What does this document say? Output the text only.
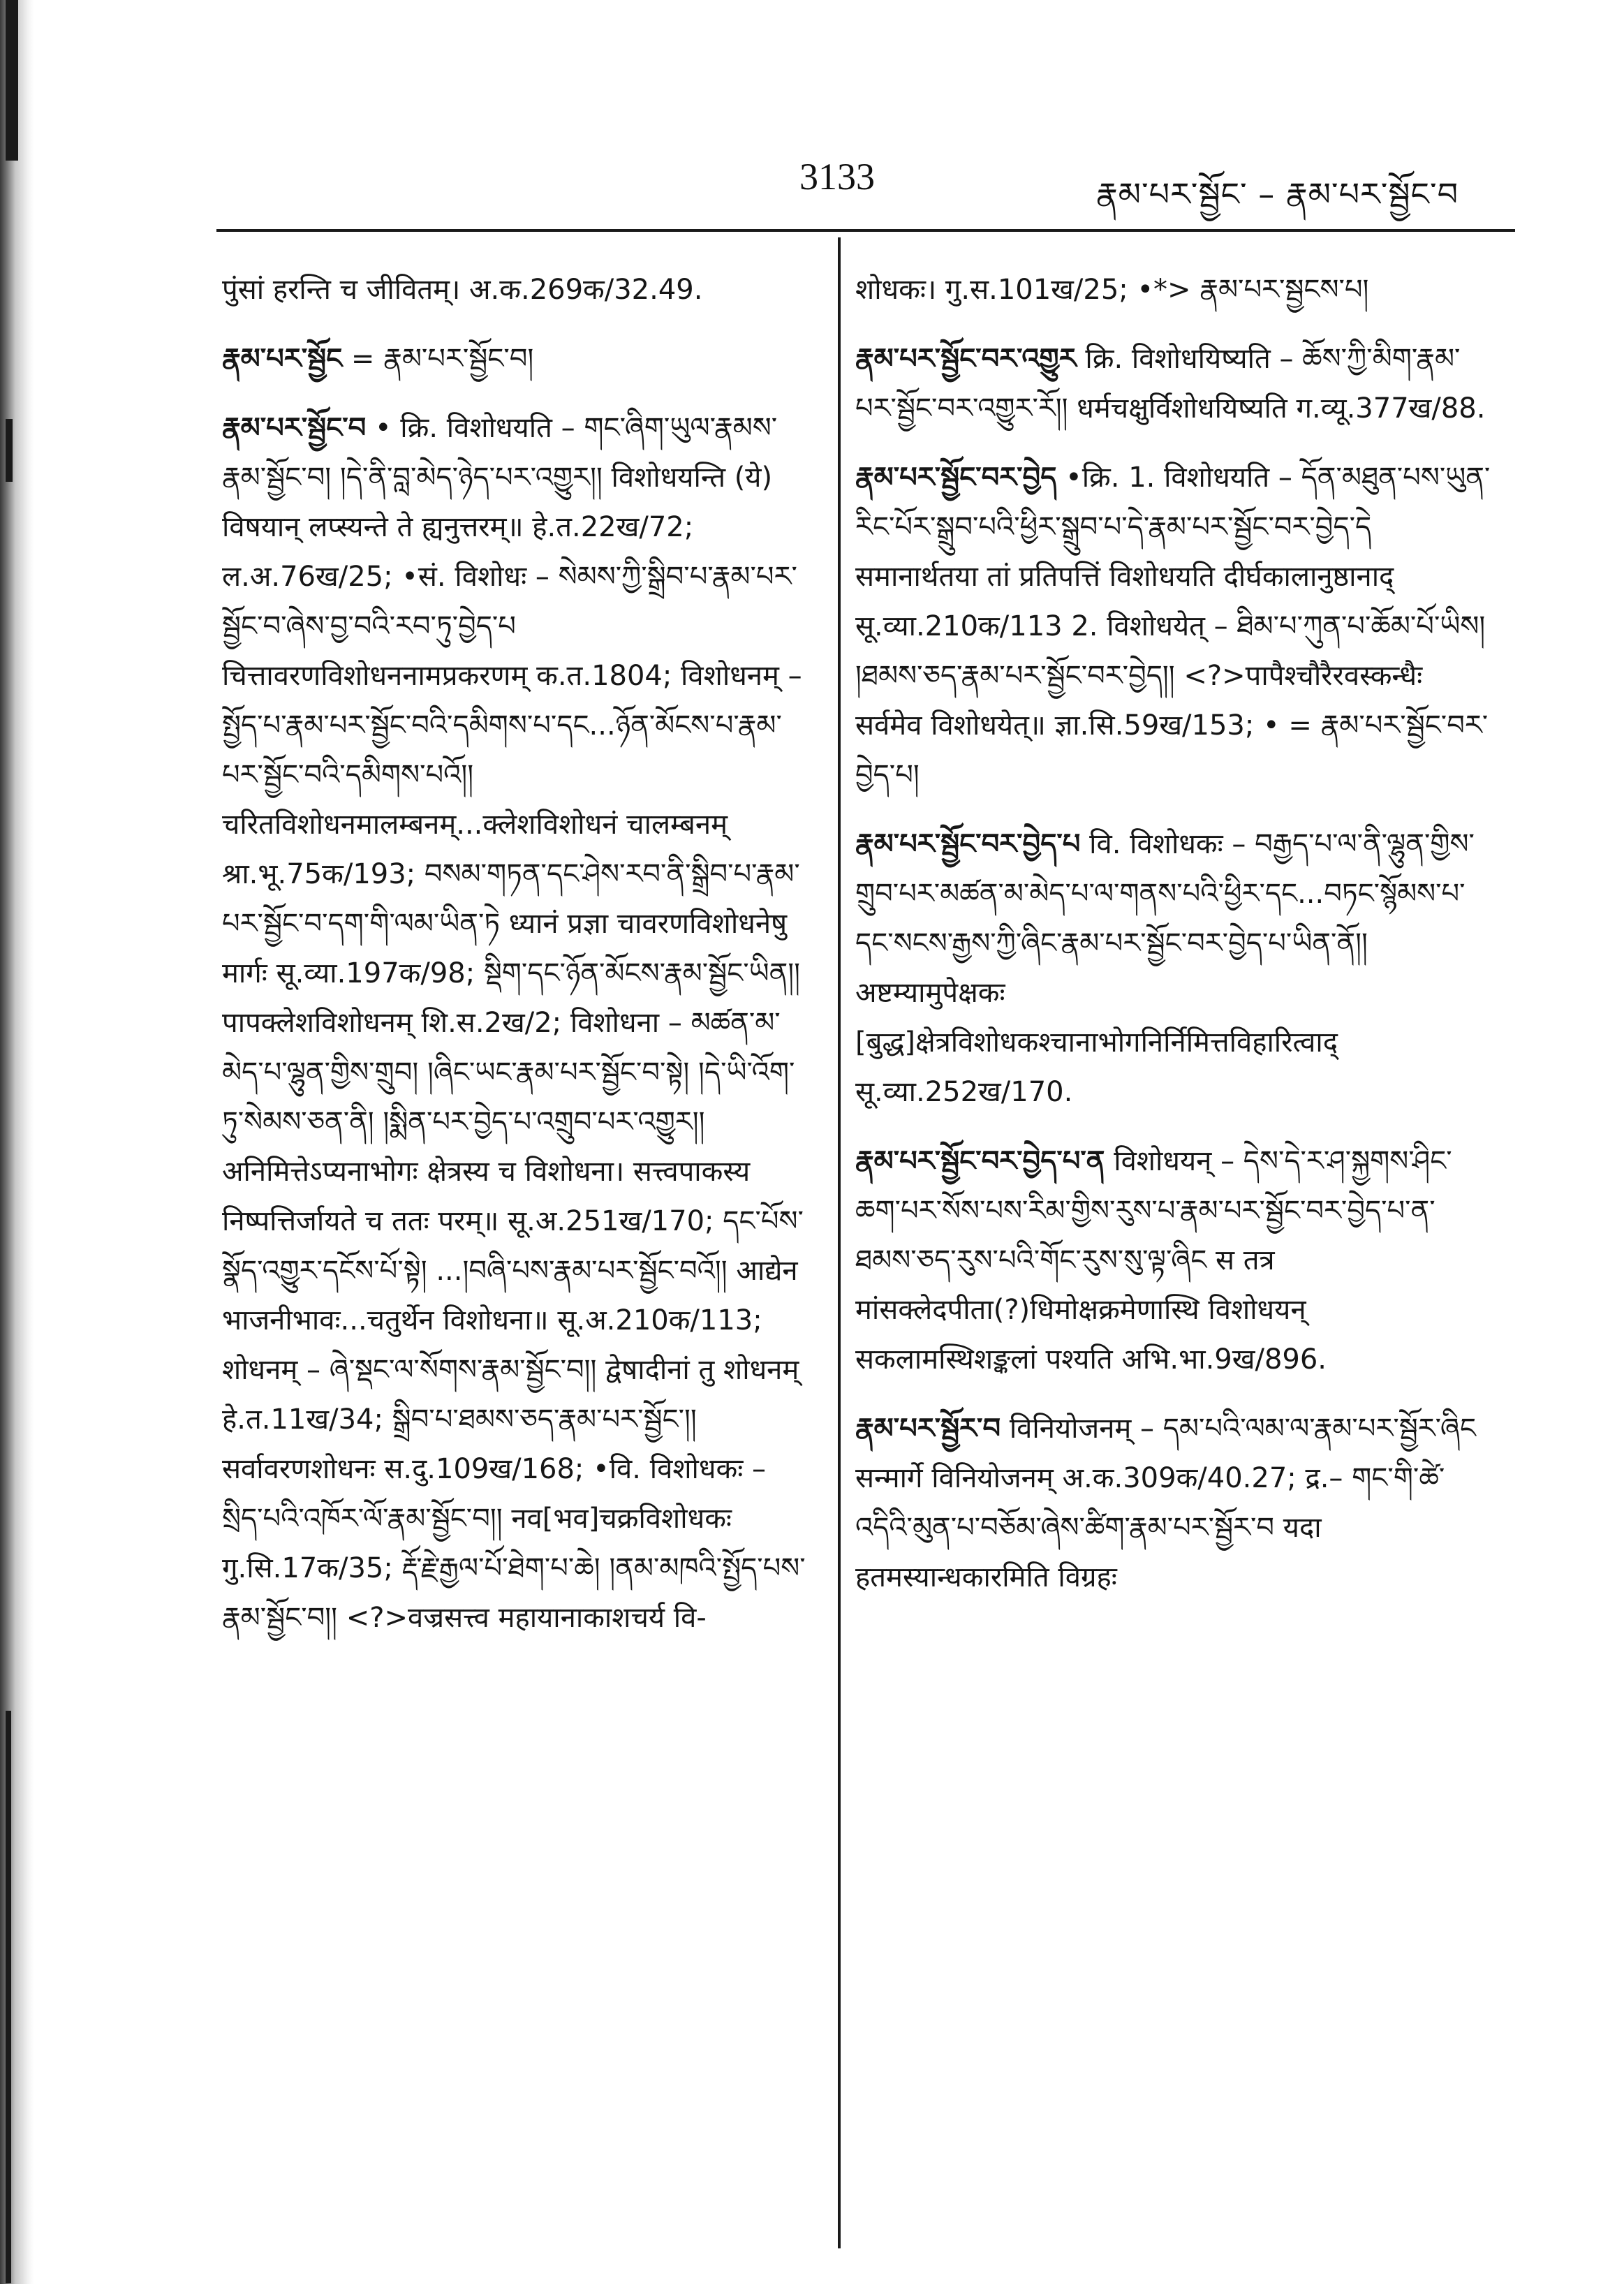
3133	རྣམ་པར་སྦྱོང་ – རྣམ་པར་སྦྱོང་བ
पुंसां हरन्ति च जीवितम्। अ.क.269क/32.49.
རྣམ་པར་སྦྱོང = རྣམ་པར་སྦྱོང་བ།
རྣམ་པར་སྦྱོང་བ • क्रि. विशोधयति – གང་ཞིག་ཡུལ་རྣམས་རྣམ་སྦྱོང་བ། །དེ་ནི་བླ་མེད་ཉེད་པར་འགྱུར།། विशोधयन्ति (ये) विषयान् लप्स्यन्ते ते ह्यनुत्तरम्॥ हे.त.22ख/72; ल.अ.76ख/25; •सं. विशोधः – སེམས་ཀྱི་སྒྲིབ་པ་རྣམ་པར་སྦྱོང་བ་ཞེས་བྱ་བའི་རབ་ཏུ་བྱེད་པ चित्तावरणविशोधननामप्रकरणम् क.त.1804; विशोधनम् – སྤྱོད་པ་རྣམ་པར་སྦྱོང་བའི་དམིགས་པ་དང...ཉོན་མོངས་པ་རྣམ་པར་སྦྱོང་བའི་དམིགས་པའོ།། चरितविशोधनमालम्बनम्...क्लेशविशोधनं चालम्बनम् श्रा.भू.75क/193; བསམ་གཏན་དང་ཤེས་རབ་ནི་སྒྲིབ་པ་རྣམ་པར་སྦྱོང་བ་དག་གི་ལམ་ཡིན་ཏེ ध्यानं प्रज्ञा चावरणविशोधनेषु मार्गः सू.व्या.197क/98; སྡིག་དང་ཉོན་མོངས་རྣམ་སྦྱོང་ཡིན།། पापक्लेशविशोधनम् शि.स.2ख/2; विशोधना – མཚན་མ་མེད་པ་ལྷུན་གྱིས་གྲུབ། །ཞིང་ཡང་རྣམ་པར་སྦྱོང་བ་སྟེ། །དེ་ཡི་འོག་ཏུ་སེམས་ཅན་ནི། །སྨིན་པར་བྱེད་པ་འགྲུབ་པར་འགྱུར།། अनिमित्तेऽप्यनाभोगः क्षेत्रस्य च विशोधना। सत्त्वपाकस्य निष्पत्तिर्जायते च ततः परम्॥ सू.अ.251ख/170; དང་པོས་སྣོད་འགྱུར་དངོས་པོ་སྟེ། ...།བཞི་པས་རྣམ་པར་སྦྱོང་བའོ།། आद्येन भाजनीभावः...चतुर्थेन विशोधना॥ सू.अ.210क/113; शोधनम् – ཞེ་སྡང་ལ་སོགས་རྣམ་སྦྱོང་བ།། द्वेषादीनां तु शोधनम् हे.त.11ख/34; སྒྲིབ་པ་ཐམས་ཅད་རྣམ་པར་སྦྱོང་།། सर्वावरणशोधनः स.दु.109ख/168; •वि. विशोधकः – སྲིད་པའི་འཁོར་ལོ་རྣམ་སྦྱོང་བ།། नव[भव]चक्रविशोधकः गु.सि.17क/35; རྡོ་རྗེ་རྒྱལ་པོ་ཐེག་པ་ཆེ། །ནམ་མཁའི་སྤྱོད་པས་རྣམ་སྦྱོང་བ།། <?>वज्रसत्त्व महायानाकाशचर्य वि-
शोधकः। गु.स.101ख/25; •*> རྣམ་པར་སྦྱངས་པ།
རྣམ་པར་སྦྱོང་བར་འགྱུར क्रि. विशोधयिष्यति – ཆོས་ཀྱི་མིག་རྣམ་པར་སྦྱོང་བར་འགྱུར་རོ།། धर्मचक्षुर्विशोधयिष्यति ग.व्यू.377ख/88.
རྣམ་པར་སྦྱོང་བར་བྱེད •क्रि. 1. विशोधयति – དོན་མཐུན་པས་ཡུན་རིང་པོར་སྒྲུབ་པའི་ཕྱིར་སྒྲུབ་པ་དེ་རྣམ་པར་སྦྱོང་བར་བྱེད་དེ समानार्थतया तां प्रतिपत्तिं विशोधयति दीर्घकालानुष्ठानाद् सू.व्या.210क/113 2. विशोधयेत् – ཐིམ་པ་ཀུན་པ་ཆོམ་པོ་ཡིས། །ཐམས་ཅད་རྣམ་པར་སྦྱོང་བར་བྱེད།། <?>पापैश्चौरैरवस्कन्धैः सर्वमेव विशोधयेत्॥ ज्ञा.सि.59ख/153; • = རྣམ་པར་སྦྱོང་བར་བྱེད་པ།
རྣམ་པར་སྦྱོང་བར་བྱེད་པ वि. विशोधकः – བརྒྱད་པ་ལ་ནི་ལྷུན་གྱིས་གྲུབ་པར་མཚན་མ་མེད་པ་ལ་གནས་པའི་ཕྱིར་དང...བཏང་སྙོམས་པ་དང་སངས་རྒྱས་ཀྱི་ཞིང་རྣམ་པར་སྦྱོང་བར་བྱེད་པ་ཡིན་ནོ།། अष्टम्यामुपेक्षकः [बुद्ध]क्षेत्रविशोधकश्चानाभोगनिर्निमित्तविहारित्वाद् सू.व्या.252ख/170.
རྣམ་པར་སྦྱོང་བར་བྱེད་པ་ན विशोधयन् – དེས་དེ་ར་ཤ་སྐྱགས་ཤིང་ཆག་པར་སོས་པས་རིམ་གྱིས་རུས་པ་རྣམ་པར་སྦྱོང་བར་བྱེད་པ་ན་ཐམས་ཅད་རུས་པའི་གོང་རུས་སུ་ལྟ་ཞིང स तत्र मांसक्लेदपीता(?)धिमोक्षक्रमेणास्थि विशोधयन् सकलामस्थिशङ्कलां पश्यति अभि.भा.9ख/896.
རྣམ་པར་སྦྱོར་བ विनियोजनम् – དམ་པའི་ལམ་ལ་རྣམ་པར་སྦྱོར་ཞིང सन्मार्गे विनियोजनम् अ.क.309क/40.27; द्र.– གང་གི་ཚེ་འདིའི་མུན་པ་བཅོམ་ཞེས་ཚིག་རྣམ་པར་སྦྱོར་བ यदा हतमस्यान्धकारमिति विग्रहः
